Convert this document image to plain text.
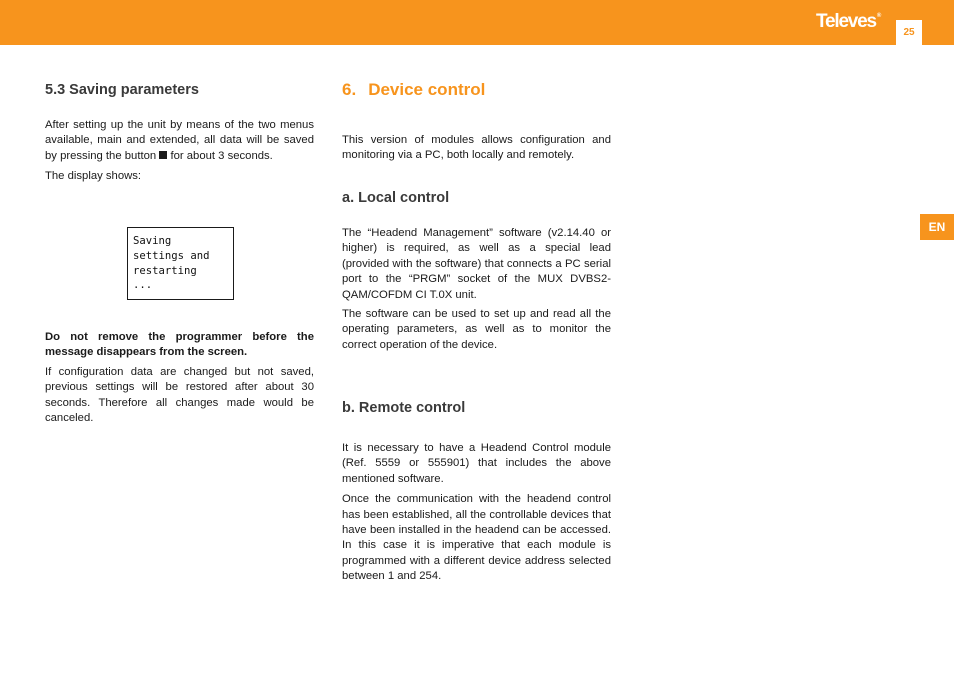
Televes®
25
EN
5.3 Saving parameters

After setting up the unit by means of the two menus available, main and extended, all data will be saved by pressing the button for about 3 seconds.

The display shows:

Saving
settings and
restarting
...

Do not remove the programmer before the message disappears from the screen.

If configuration data are changed but not saved, previous settings will be restored after about 30 seconds. Therefore all changes made would be canceled.

6. Device control

This version of modules allows configuration and monitoring via a PC, both locally and remotely.

a. Local control

The “Headend Management” software (v2.14.40 or higher) is required, as well as a special lead (provided with the software) that connects a PC serial port to the “PRGM” socket of the MUX DVBS2-QAM/COFDM CI T.0X unit.

The software can be used to set up and read all the operating parameters, as well as to monitor the correct operation of the device.

b. Remote control

It is necessary to have a Headend Control module (Ref. 5559 or 555901) that includes the above mentioned software.

Once the communication with the headend control has been established, all the controllable devices that have been installed in the headend can be accessed. In this case it is imperative that each module is programmed with a different device address selected between 1 and 254.
